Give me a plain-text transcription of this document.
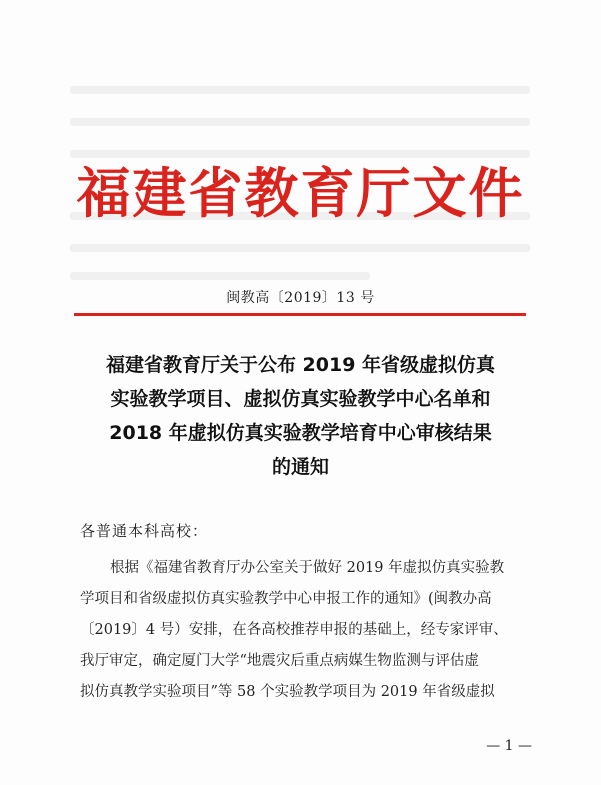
福建省教育厅文件
闽教高〔2019〕13 号
福建省教育厅关于公布 2019 年省级虚拟仿真
实验教学项目、虚拟仿真实验教学中心名单和
2018 年虚拟仿真实验教学培育中心审核结果
的通知
各普通本科高校：
根据《福建省教育厅办公室关于做好 2019 年虚拟仿真实验教
学项目和省级虚拟仿真实验教学中心申报工作的通知》(闽教办高
〔2019〕4 号）安排，在各高校推荐申报的基础上，经专家评审、
我厅审定，确定厦门大学“地震灾后重点病媒生物监测与评估虚
拟仿真教学实验项目”等 58 个实验教学项目为 2019 年省级虚拟
— 1 —
